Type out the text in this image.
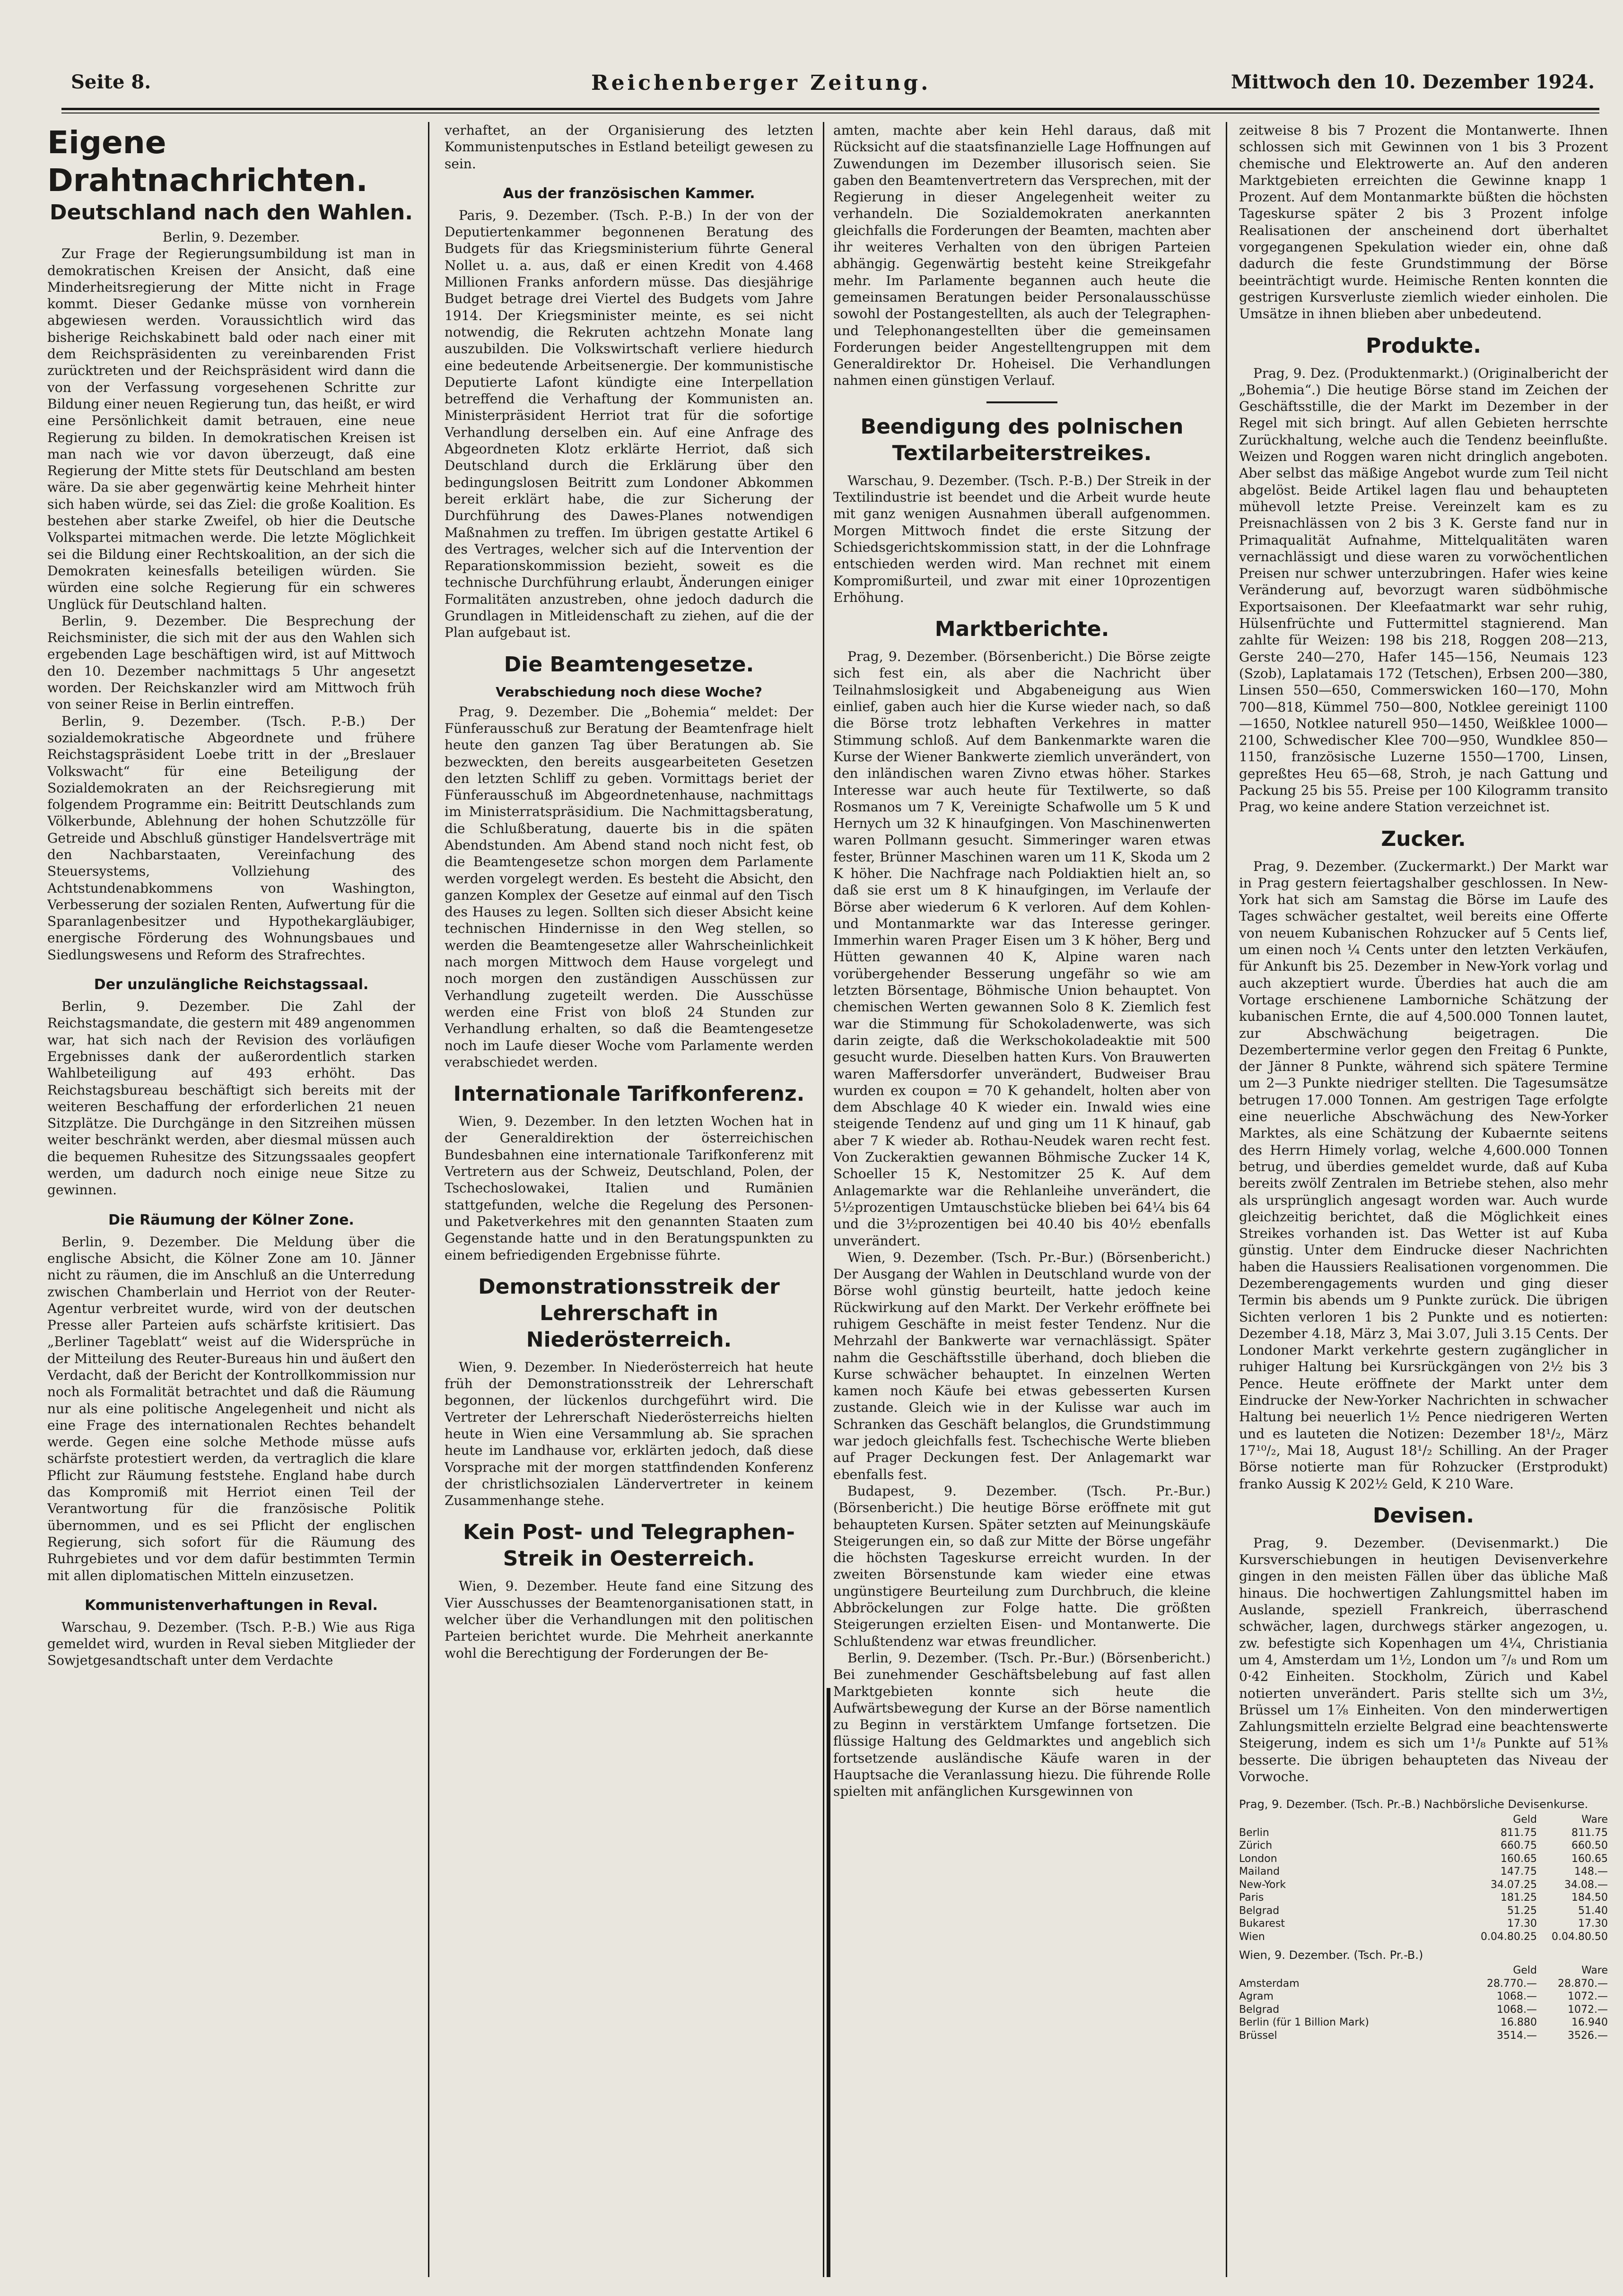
Seite 8.	Reichenberger Zeitung.	Mittwoch den 10. Dezember 1924.
Eigene Drahtnachrichten.
Deutschland nach den Wahlen.

Berlin, 9. Dezember.

Zur Frage der Regierungsumbildung ist man in demokratischen Kreisen der Ansicht, daß eine Minderheitsregierung der Mitte nicht in Frage kommt. Dieser Gedanke müsse von vornherein abgewiesen werden. Voraussichtlich wird das bisherige Reichskabinett bald oder nach einer mit dem Reichspräsidenten zu vereinbarenden Frist zurücktreten und der Reichspräsident wird dann die von der Verfassung vorgesehenen Schritte zur Bildung einer neuen Regierung tun, das heißt, er wird eine Persönlichkeit damit betrauen, eine neue Regierung zu bilden. In demokratischen Kreisen ist man nach wie vor davon überzeugt, daß eine Regierung der Mitte stets für Deutschland am besten wäre. Da sie aber gegenwärtig keine Mehrheit hinter sich haben würde, sei das Ziel: die große Koalition. Es bestehen aber starke Zweifel, ob hier die Deutsche Volkspartei mitmachen werde. Die letzte Möglichkeit sei die Bildung einer Rechtskoalition, an der sich die Demokraten keinesfalls beteiligen würden. Sie würden eine solche Regierung für ein schweres Unglück für Deutschland halten.

Berlin, 9. Dezember. Die Besprechung der Reichsminister, die sich mit der aus den Wahlen sich ergebenden Lage beschäftigen wird, ist auf Mittwoch den 10. Dezember nachmittags 5 Uhr angesetzt worden. Der Reichskanzler wird am Mittwoch früh von seiner Reise in Berlin eintreffen.

Berlin, 9. Dezember. (Tsch. P.-B.) Der sozialdemokratische Abgeordnete und frühere Reichstagspräsident Loebe tritt in der „Breslauer Volkswacht“ für eine Beteiligung der Sozialdemokraten an der Reichsregierung mit folgendem Programme ein: Beitritt Deutschlands zum Völkerbunde, Ablehnung der hohen Schutzzölle für Getreide und Abschluß günstiger Handelsverträge mit den Nachbarstaaten, Vereinfachung des Steuersystems, Vollziehung des Achtstundenabkommens von Washington, Verbesserung der sozialen Renten, Aufwertung für die Sparanlagenbesitzer und Hypothekargläubiger, energische Förderung des Wohnungsbaues und Siedlungswesens und Reform des Strafrechtes.

Der unzulängliche Reichstagssaal.

Berlin, 9. Dezember. Die Zahl der Reichstagsmandate, die gestern mit 489 angenommen war, hat sich nach der Revision des vorläufigen Ergebnisses dank der außerordentlich starken Wahlbeteiligung auf 493 erhöht. Das Reichstagsbureau beschäftigt sich bereits mit der weiteren Beschaffung der erforderlichen 21 neuen Sitzplätze. Die Durchgänge in den Sitzreihen müssen weiter beschränkt werden, aber diesmal müssen auch die bequemen Ruhesitze des Sitzungssaales geopfert werden, um dadurch noch einige neue Sitze zu gewinnen.

Die Räumung der Kölner Zone.

Berlin, 9. Dezember. Die Meldung über die englische Absicht, die Kölner Zone am 10. Jänner nicht zu räumen, die im Anschluß an die Unterredung zwischen Chamberlain und Herriot von der Reuter-Agentur verbreitet wurde, wird von der deutschen Presse aller Parteien aufs schärfste kritisiert. Das „Berliner Tageblatt“ weist auf die Widersprüche in der Mitteilung des Reuter-Bureaus hin und äußert den Verdacht, daß der Bericht der Kontrollkommission nur noch als Formalität betrachtet und daß die Räumung nur als eine politische Angelegenheit und nicht als eine Frage des internationalen Rechtes behandelt werde. Gegen eine solche Methode müsse aufs schärfste protestiert werden, da vertraglich die klare Pflicht zur Räumung feststehe. England habe durch das Kompromiß mit Herriot einen Teil der Verantwortung für die französische Politik übernommen, und es sei Pflicht der englischen Regierung, sich sofort für die Räumung des Ruhrgebietes und vor dem dafür bestimmten Termin mit allen diplomatischen Mitteln einzusetzen.

Kommunistenverhaftungen in Reval.

Warschau, 9. Dezember. (Tsch. P.-B.) Wie aus Riga gemeldet wird, wurden in Reval sieben Mitglieder der Sowjetgesandtschaft unter dem Verdachte

verhaftet, an der Organisierung des letzten Kommunistenputsches in Estland beteiligt gewesen zu sein.

Aus der französischen Kammer.

Paris, 9. Dezember. (Tsch. P.-B.) In der von der Deputiertenkammer begonnenen Beratung des Budgets für das Kriegsministerium führte General Nollet u. a. aus, daß er einen Kredit von 4.468 Millionen Franks anfordern müsse. Das diesjährige Budget betrage drei Viertel des Budgets vom Jahre 1914. Der Kriegsminister meinte, es sei nicht notwendig, die Rekruten achtzehn Monate lang auszubilden. Die Volkswirtschaft verliere hiedurch eine bedeutende Arbeitsenergie. Der kommunistische Deputierte Lafont kündigte eine Interpellation betreffend die Verhaftung der Kommunisten an. Ministerpräsident Herriot trat für die sofortige Verhandlung derselben ein. Auf eine Anfrage des Abgeordneten Klotz erklärte Herriot, daß sich Deutschland durch die Erklärung über den bedingungslosen Beitritt zum Londoner Abkommen bereit erklärt habe, die zur Sicherung der Durchführung des Dawes-Planes notwendigen Maßnahmen zu treffen. Im übrigen gestatte Artikel 6 des Vertrages, welcher sich auf die Intervention der Reparationskommission bezieht, soweit es die technische Durchführung erlaubt, Änderungen einiger Formalitäten anzustreben, ohne jedoch dadurch die Grundlagen in Mitleidenschaft zu ziehen, auf die der Plan aufgebaut ist.

Die Beamtengesetze.
Verabschiedung noch diese Woche?

Prag, 9. Dezember. Die „Bohemia“ meldet: Der Fünferausschuß zur Beratung der Beamtenfrage hielt heute den ganzen Tag über Beratungen ab. Sie bezweckten, den bereits ausgearbeiteten Gesetzen den letzten Schliff zu geben. Vormittags beriet der Fünferausschuß im Abgeordnetenhause, nachmittags im Ministerratspräsidium. Die Nachmittagsberatung, die Schlußberatung, dauerte bis in die späten Abendstunden. Am Abend stand noch nicht fest, ob die Beamtengesetze schon morgen dem Parlamente werden vorgelegt werden. Es besteht die Absicht, den ganzen Komplex der Gesetze auf einmal auf den Tisch des Hauses zu legen. Sollten sich dieser Absicht keine technischen Hindernisse in den Weg stellen, so werden die Beamtengesetze aller Wahrscheinlichkeit nach morgen Mittwoch dem Hause vorgelegt und noch morgen den zuständigen Ausschüssen zur Verhandlung zugeteilt werden. Die Ausschüsse werden eine Frist von bloß 24 Stunden zur Verhandlung erhalten, so daß die Beamtengesetze noch im Laufe dieser Woche vom Parlamente werden verabschiedet werden.

Internationale Tarifkonferenz.

Wien, 9. Dezember. In den letzten Wochen hat in der Generaldirektion der österreichischen Bundesbahnen eine internationale Tarifkonferenz mit Vertretern aus der Schweiz, Deutschland, Polen, der Tschechoslowakei, Italien und Rumänien stattgefunden, welche die Regelung des Personen- und Paketverkehres mit den genannten Staaten zum Gegenstande hatte und in den Beratungspunkten zu einem befriedigenden Ergebnisse führte.

Demonstrationsstreik der Lehrerschaft in Niederösterreich.

Wien, 9. Dezember. In Niederösterreich hat heute früh der Demonstrationsstreik der Lehrerschaft begonnen, der lückenlos durchgeführt wird. Die Vertreter der Lehrerschaft Niederösterreichs hielten heute in Wien eine Versammlung ab. Sie sprachen heute im Landhause vor, erklärten jedoch, daß diese Vorsprache mit der morgen stattfindenden Konferenz der christlichsozialen Ländervertreter in keinem Zusammenhange stehe.

Kein Post- und Telegraphen-Streik in Oesterreich.

Wien, 9. Dezember. Heute fand eine Sitzung des Vier Ausschusses der Beamtenorganisationen statt, in welcher über die Verhandlungen mit den politischen Parteien berichtet wurde. Die Mehrheit anerkannte wohl die Berechtigung der Forderungen der Be-

amten, machte aber kein Hehl daraus, daß mit Rücksicht auf die staatsfinanzielle Lage Hoffnungen auf Zuwendungen im Dezember illusorisch seien. Sie gaben den Beamtenvertretern das Versprechen, mit der Regierung in dieser Angelegenheit weiter zu verhandeln. Die Sozialdemokraten anerkannten gleichfalls die Forderungen der Beamten, machten aber ihr weiteres Verhalten von den übrigen Parteien abhängig. Gegenwärtig besteht keine Streikgefahr mehr. Im Parlamente begannen auch heute die gemeinsamen Beratungen beider Personalausschüsse sowohl der Postangestellten, als auch der Telegraphen- und Telephonangestellten über die gemeinsamen Forderungen beider Angestelltengruppen mit dem Generaldirektor Dr. Hoheisel. Die Verhandlungen nahmen einen günstigen Verlauf.

Beendigung des polnischen Textilarbeiterstreikes.

Warschau, 9. Dezember. (Tsch. P.-B.) Der Streik in der Textilindustrie ist beendet und die Arbeit wurde heute mit ganz wenigen Ausnahmen überall aufgenommen. Morgen Mittwoch findet die erste Sitzung der Schiedsgerichtskommission statt, in der die Lohnfrage entschieden werden wird. Man rechnet mit einem Kompromißurteil, und zwar mit einer 10prozentigen Erhöhung.

Marktberichte.

Prag, 9. Dezember. (Börsenbericht.) Die Börse zeigte sich fest ein, als aber die Nachricht über Teilnahmslosigkeit und Abgabeneigung aus Wien einlief, gaben auch hier die Kurse wieder nach, so daß die Börse trotz lebhaften Verkehres in matter Stimmung schloß. Auf dem Bankenmarkte waren die Kurse der Wiener Bankwerte ziemlich unverändert, von den inländischen waren Zivno etwas höher. Starkes Interesse war auch heute für Textilwerte, so daß Rosmanos um 7 K, Vereinigte Schafwolle um 5 K und Hernych um 32 K hinaufgingen. Von Maschinenwerten waren Pollmann gesucht. Simmeringer waren etwas fester, Brünner Maschinen waren um 11 K, Skoda um 2 K höher. Die Nachfrage nach Poldiaktien hielt an, so daß sie erst um 8 K hinaufgingen, im Verlaufe der Börse aber wiederum 6 K verloren. Auf dem Kohlen- und Montanmarkte war das Interesse geringer. Immerhin waren Prager Eisen um 3 K höher, Berg und Hütten gewannen 40 K, Alpine waren nach vorübergehender Besserung ungefähr so wie am letzten Börsentage, Böhmische Union behauptet. Von chemischen Werten gewannen Solo 8 K. Ziemlich fest war die Stimmung für Schokoladenwerte, was sich darin zeigte, daß die Werkschokoladeaktie mit 500 gesucht wurde. Dieselben hatten Kurs. Von Brauwerten waren Maffersdorfer unverändert, Budweiser Brau wurden ex coupon = 70 K gehandelt, holten aber von dem Abschlage 40 K wieder ein. Inwald wies eine steigende Tendenz auf und ging um 11 K hinauf, gab aber 7 K wieder ab. Rothau-Neudek waren recht fest. Von Zuckeraktien gewannen Böhmische Zucker 14 K, Schoeller 15 K, Nestomitzer 25 K. Auf dem Anlagemarkte war die Rehlanleihe unverändert, die 5½prozentigen Umtauschstücke blieben bei 64¼ bis 64 und die 3½prozentigen bei 40.40 bis 40½ ebenfalls unverändert.

Wien, 9. Dezember. (Tsch. Pr.-Bur.) (Börsenbericht.) Der Ausgang der Wahlen in Deutschland wurde von der Börse wohl günstig beurteilt, hatte jedoch keine Rückwirkung auf den Markt. Der Verkehr eröffnete bei ruhigem Geschäfte in meist fester Tendenz. Nur die Mehrzahl der Bankwerte war vernachlässigt. Später nahm die Geschäftsstille überhand, doch blieben die Kurse schwächer behauptet. In einzelnen Werten kamen noch Käufe bei etwas gebesserten Kursen zustande. Gleich wie in der Kulisse war auch im Schranken das Geschäft belanglos, die Grundstimmung war jedoch gleichfalls fest. Tschechische Werte blieben auf Prager Deckungen fest. Der Anlagemarkt war ebenfalls fest.

Budapest, 9. Dezember. (Tsch. Pr.-Bur.) (Börsenbericht.) Die heutige Börse eröffnete mit gut behaupteten Kursen. Später setzten auf Meinungskäufe Steigerungen ein, so daß zur Mitte der Börse ungefähr die höchsten Tageskurse erreicht wurden. In der zweiten Börsenstunde kam wieder eine etwas ungünstigere Beurteilung zum Durchbruch, die kleine Abbröckelungen zur Folge hatte. Die größten Steigerungen erzielten Eisen- und Montanwerte. Die Schlußtendenz war etwas freundlicher.

Berlin, 9. Dezember. (Tsch. Pr.-Bur.) (Börsenbericht.) Bei zunehmender Geschäftsbelebung auf fast allen Marktgebieten konnte sich heute die Aufwärtsbewegung der Kurse an der Börse namentlich zu Beginn in verstärktem Umfange fortsetzen. Die flüssige Haltung des Geldmarktes und angeblich sich fortsetzende ausländische Käufe waren in der Hauptsache die Veranlassung hiezu. Die führende Rolle spielten mit anfänglichen Kursgewinnen von

zeitweise 8 bis 7 Prozent die Montanwerte. Ihnen schlossen sich mit Gewinnen von 1 bis 3 Prozent chemische und Elektrowerte an. Auf den anderen Marktgebieten erreichten die Gewinne knapp 1 Prozent. Auf dem Montanmarkte büßten die höchsten Tageskurse später 2 bis 3 Prozent infolge Realisationen der anscheinend dort überhaltet vorgegangenen Spekulation wieder ein, ohne daß dadurch die feste Grundstimmung der Börse beeinträchtigt wurde. Heimische Renten konnten die gestrigen Kursverluste ziemlich wieder einholen. Die Umsätze in ihnen blieben aber unbedeutend.

Produkte.

Prag, 9. Dez. (Produktenmarkt.) (Originalbericht der „Bohemia“.) Die heutige Börse stand im Zeichen der Geschäftsstille, die der Markt im Dezember in der Regel mit sich bringt. Auf allen Gebieten herrschte Zurückhaltung, welche auch die Tendenz beeinflußte. Weizen und Roggen waren nicht dringlich angeboten. Aber selbst das mäßige Angebot wurde zum Teil nicht abgelöst. Beide Artikel lagen flau und behaupteten mühevoll letzte Preise. Vereinzelt kam es zu Preisnachlässen von 2 bis 3 K. Gerste fand nur in Primaqualität Aufnahme, Mittelqualitäten waren vernachlässigt und diese waren zu vorwöchentlichen Preisen nur schwer unterzubringen. Hafer wies keine Veränderung auf, bevorzugt waren südböhmische Exportsaisonen. Der Kleefaatmarkt war sehr ruhig, Hülsenfrüchte und Futtermittel stagnierend. Man zahlte für Weizen: 198 bis 218, Roggen 208—213, Gerste 240—270, Hafer 145—156, Neumais 123 (Szob), Laplatamais 172 (Tetschen), Erbsen 200—380, Linsen 550—650, Commerswicken 160—170, Mohn 700—818, Kümmel 750—800, Notklee gereinigt 1100—1650, Notklee naturell 950—1450, Weißklee 1000—2100, Schwedischer Klee 700—950, Wundklee 850—1150, französische Luzerne 1550—1700, Linsen, gepreßtes Heu 65—68, Stroh, je nach Gattung und Packung 25 bis 55. Preise per 100 Kilogramm transito Prag, wo keine andere Station verzeichnet ist.

Zucker.

Prag, 9. Dezember. (Zuckermarkt.) Der Markt war in Prag gestern feiertagshalber geschlossen. In New-York hat sich am Samstag die Börse im Laufe des Tages schwächer gestaltet, weil bereits eine Offerte von neuem Kubanischen Rohzucker auf 5 Cents lief, um einen noch ¼ Cents unter den letzten Verkäufen, für Ankunft bis 25. Dezember in New-York vorlag und auch akzeptiert wurde. Überdies hat auch die am Vortage erschienene Lamborniche Schätzung der kubanischen Ernte, die auf 4,500.000 Tonnen lautet, zur Abschwächung beigetragen. Die Dezembertermine verlor gegen den Freitag 6 Punkte, der Jänner 8 Punkte, während sich spätere Termine um 2—3 Punkte niedriger stellten. Die Tagesumsätze betrugen 17.000 Tonnen. Am gestrigen Tage erfolgte eine neuerliche Abschwächung des New-Yorker Marktes, als eine Schätzung der Kubaernte seitens des Herrn Himely vorlag, welche 4,600.000 Tonnen betrug, und überdies gemeldet wurde, daß auf Kuba bereits zwölf Zentralen im Betriebe stehen, also mehr als ursprünglich angesagt worden war. Auch wurde gleichzeitig berichtet, daß die Möglichkeit eines Streikes vorhanden ist. Das Wetter ist auf Kuba günstig. Unter dem Eindrucke dieser Nachrichten haben die Haussiers Realisationen vorgenommen. Die Dezemberengagements wurden und ging dieser Termin bis abends um 9 Punkte zurück. Die übrigen Sichten verloren 1 bis 2 Punkte und es notierten: Dezember 4.18, März 3, Mai 3.07, Juli 3.15 Cents. Der Londoner Markt verkehrte gestern zugänglicher in ruhiger Haltung bei Kursrückgängen von 2½ bis 3 Pence. Heute eröffnete der Markt unter dem Eindrucke der New-Yorker Nachrichten in schwacher Haltung bei neuerlich 1½ Pence niedrigeren Werten und es lauteten die Notizen: Dezember 18¹/₂, März 17¹⁰/₂, Mai 18, August 18¹/₂ Schilling. An der Prager Börse notierte man für Rohzucker (Erstprodukt) franko Aussig K 202½ Geld, K 210 Ware.

Devisen.

Prag, 9. Dezember. (Devisenmarkt.) Die Kursverschiebungen in heutigen Devisenverkehre gingen in den meisten Fällen über das übliche Maß hinaus. Die hochwertigen Zahlungsmittel haben im Auslande, speziell Frankreich, überraschend schwächer, lagen, durchwegs stärker angezogen, u. zw. befestigte sich Kopenhagen um 4¼, Christiania um 4, Amsterdam um 1½, London um ⁷/₈ und Rom um 0·42 Einheiten. Stockholm, Zürich und Kabel notierten unverändert. Paris stellte sich um 3½, Brüssel um 1⅞ Einheiten. Von den minderwertigen Zahlungsmitteln erzielte Belgrad eine beachtenswerte Steigerung, indem es sich um 1¹/₈ Punkte auf 51⅜ besserte. Die übrigen behaupteten das Niveau der Vorwoche.

Prag, 9. Dezember. (Tsch. Pr.-B.) Nachbörsliche Devisenkurse.
	Geld	Ware
Berlin	811.75	811.75
Zürich	660.75	660.50
London	160.65	160.65
Mailand	147.75	148.—
New-York	34.07.25	34.08.—
Paris	181.25	184.50
Belgrad	51.25	51.40
Bukarest	17.30	17.30
Wien	0.04.80.25	0.04.80.50
Wien, 9. Dezember. (Tsch. Pr.-B.)
	Geld	Ware
Amsterdam	28.770.—	28.870.—
Agram	1068.—	1072.—
Belgrad	1068.—	1072.—
Berlin (für 1 Billion Mark)	16.880	16.940
Brüssel	3514.—	3526.—
